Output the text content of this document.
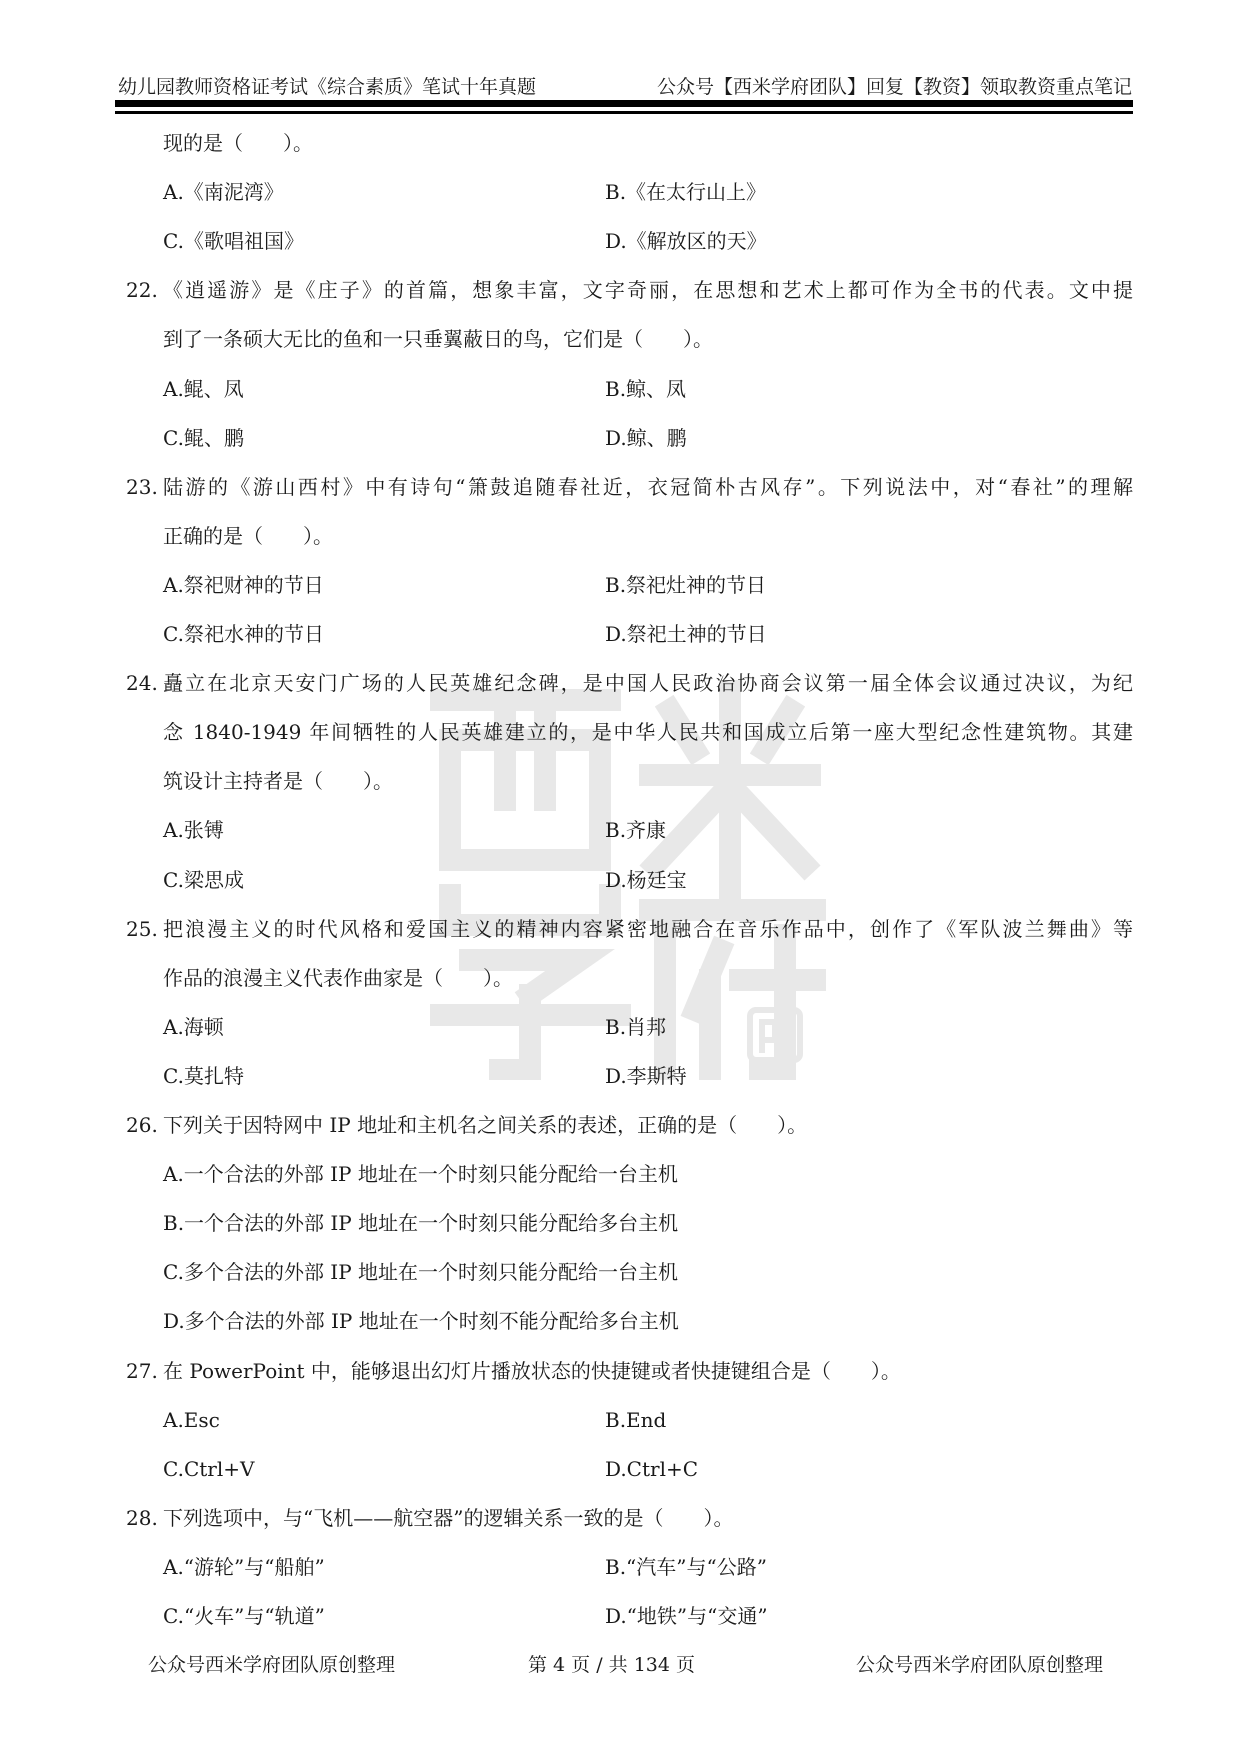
幼儿园教师资格证考试《综合素质》笔试十年真题	公众号【西米学府团队】回复【教资】领取教资重点笔记
现的是（　　）。
A.《南泥湾》	B.《在太行山上》
C.《歌唱祖国》	D.《解放区的天》
22. 《逍遥游》是《庄子》的首篇，想象丰富，文字奇丽，在思想和艺术上都可作为全书的代表。文中提
到了一条硕大无比的鱼和一只垂翼蔽日的鸟，它们是（　　）。
A.鲲、凤	B.鲸、凤
C.鲲、鹏	D.鲸、鹏
23. 陆游的《游山西村》中有诗句“箫鼓追随春社近，衣冠简朴古风存”。下列说法中，对“春社”的理解
正确的是（　　）。
A.祭祀财神的节日	B.祭祀灶神的节日
C.祭祀水神的节日	D.祭祀土神的节日
24. 矗立在北京天安门广场的人民英雄纪念碑，是中国人民政治协商会议第一届全体会议通过决议，为纪
念 1840-1949 年间牺牲的人民英雄建立的，是中华人民共和国成立后第一座大型纪念性建筑物。其建
筑设计主持者是（　　）。
A.张镈	B.齐康
C.梁思成	D.杨廷宝
25. 把浪漫主义的时代风格和爱国主义的精神内容紧密地融合在音乐作品中，创作了《军队波兰舞曲》等
作品的浪漫主义代表作曲家是（　　）。
A.海顿	B.肖邦
C.莫扎特	D.李斯特
26. 下列关于因特网中 IP 地址和主机名之间关系的表述，正确的是（　　）。
A.一个合法的外部 IP 地址在一个时刻只能分配给一台主机
B.一个合法的外部 IP 地址在一个时刻只能分配给多台主机
C.多个合法的外部 IP 地址在一个时刻只能分配给一台主机
D.多个合法的外部 IP 地址在一个时刻不能分配给多台主机
27. 在 PowerPoint 中，能够退出幻灯片播放状态的快捷键或者快捷键组合是（　　）。
A.Esc	B.End
C.Ctrl+V	D.Ctrl+C
28. 下列选项中，与“飞机——航空器”的逻辑关系一致的是（　　）。
A.“游轮”与“船舶”	B.“汽车”与“公路”
C.“火车”与“轨道”	D.“地铁”与“交通”
公众号西米学府团队原创整理	第 4 页 / 共 134 页	公众号西米学府团队原创整理
